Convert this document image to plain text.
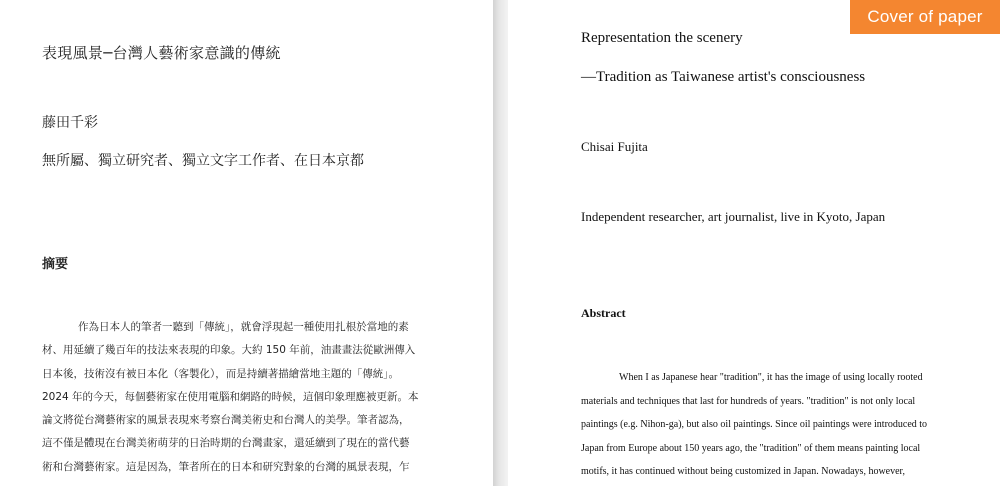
表現風景─台灣人藝術家意識的傳統
藤田千彩
無所屬、獨立研究者、獨立文字工作者、在日本京都
摘要
作為日本人的筆者一聽到「傳統」，就會浮現起一種使用扎根於當地的素
材、用延續了幾百年的技法來表現的印象。大約 150 年前，油畫畫法從歐洲傳入
日本後，技術沒有被日本化（客製化），而是持續著描繪當地主題的「傳統」。
2024 年的今天，每個藝術家在使用電腦和網路的時候，這個印象理應被更新。本
論文將從台灣藝術家的風景表現來考察台灣美術史和台灣人的美學。筆者認為，
這不僅是體現在台灣美術萌芽的日治時期的台灣畫家，還延續到了現在的當代藝
術和台灣藝術家。這是因為，筆者所在的日本和研究對象的台灣的風景表現，乍
Representation the scenery
―Tradition as Taiwanese artist's consciousness
Chisai Fujita
Independent researcher, art journalist, live in Kyoto, Japan
Abstract
When I as Japanese hear "tradition", it has the image of using locally rooted
materials and techniques that last for hundreds of years. "tradition" is not only local
paintings (e.g. Nihon-ga), but also oil paintings. Since oil paintings were introduced to
Japan from Europe about 150 years ago, the "tradition" of them means painting local
motifs, it has continued without being customized in Japan. Nowadays, however,
Cover of paper
